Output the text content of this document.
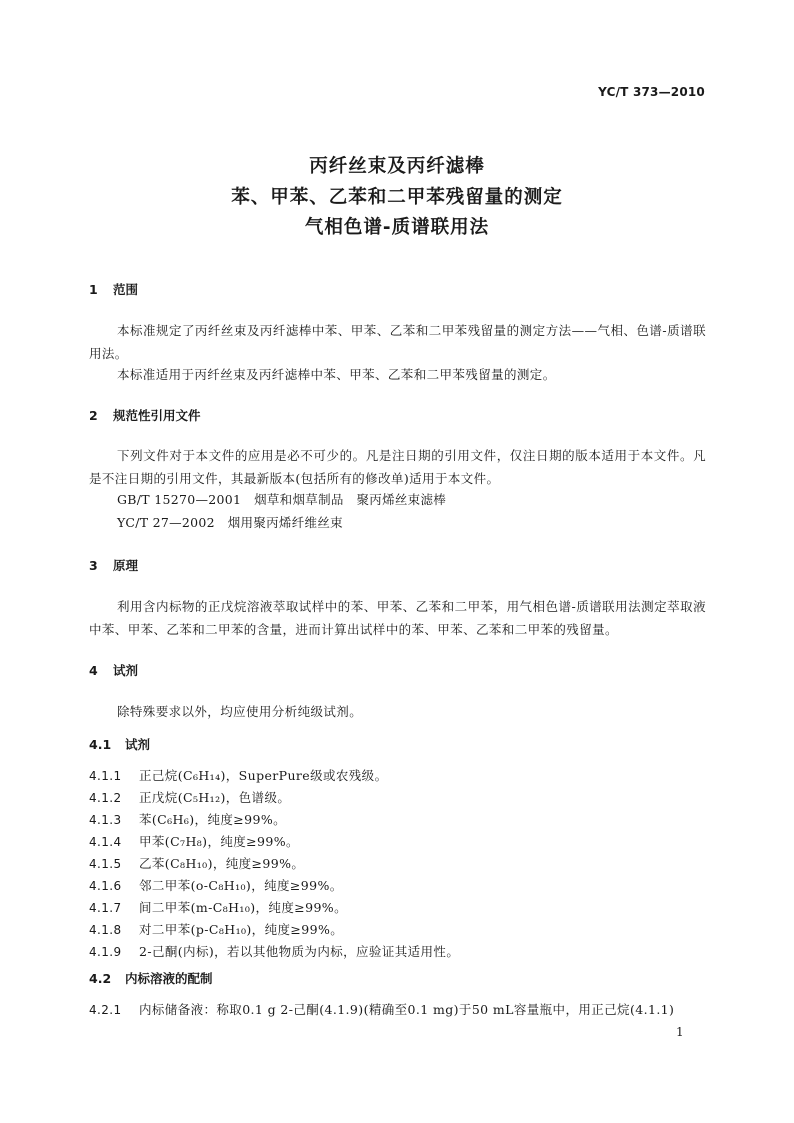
YC/T 373—2010
丙纤丝束及丙纤滤棒
苯、甲苯、乙苯和二甲苯残留量的测定
气相色谱-质谱联用法
1 范围
本标准规定了丙纤丝束及丙纤滤棒中苯、甲苯、乙苯和二甲苯残留量的测定方法——气相、色谱-质谱联用法。
本标准适用于丙纤丝束及丙纤滤棒中苯、甲苯、乙苯和二甲苯残留量的测定。
2 规范性引用文件
下列文件对于本文件的应用是必不可少的。凡是注日期的引用文件，仅注日期的版本适用于本文件。凡是不注日期的引用文件，其最新版本(包括所有的修改单)适用于本文件。
GB/T 15270—2001　烟草和烟草制品　聚丙烯丝束滤棒
YC/T 27—2002　烟用聚丙烯纤维丝束
3 原理
利用含内标物的正戊烷溶液萃取试样中的苯、甲苯、乙苯和二甲苯，用气相色谱-质谱联用法测定萃取液中苯、甲苯、乙苯和二甲苯的含量，进而计算出试样中的苯、甲苯、乙苯和二甲苯的残留量。
4 试剂
除特殊要求以外，均应使用分析纯级试剂。
4.1 试剂
4.1.1 正己烷(C₆H₁₄)，SuperPure级或农残级。
4.1.2 正戊烷(C₅H₁₂)，色谱级。
4.1.3 苯(C₆H₆)，纯度≥99%。
4.1.4 甲苯(C₇H₈)，纯度≥99%。
4.1.5 乙苯(C₈H₁₀)，纯度≥99%。
4.1.6 邻二甲苯(o-C₈H₁₀)，纯度≥99%。
4.1.7 间二甲苯(m-C₈H₁₀)，纯度≥99%。
4.1.8 对二甲苯(p-C₈H₁₀)，纯度≥99%。
4.1.9 2-己酮(内标)，若以其他物质为内标，应验证其适用性。
4.2 内标溶液的配制
4.2.1 内标储备液：称取0.1 g 2-己酮(4.1.9)(精确至0.1 mg)于50 mL容量瓶中，用正己烷(4.1.1)
1
